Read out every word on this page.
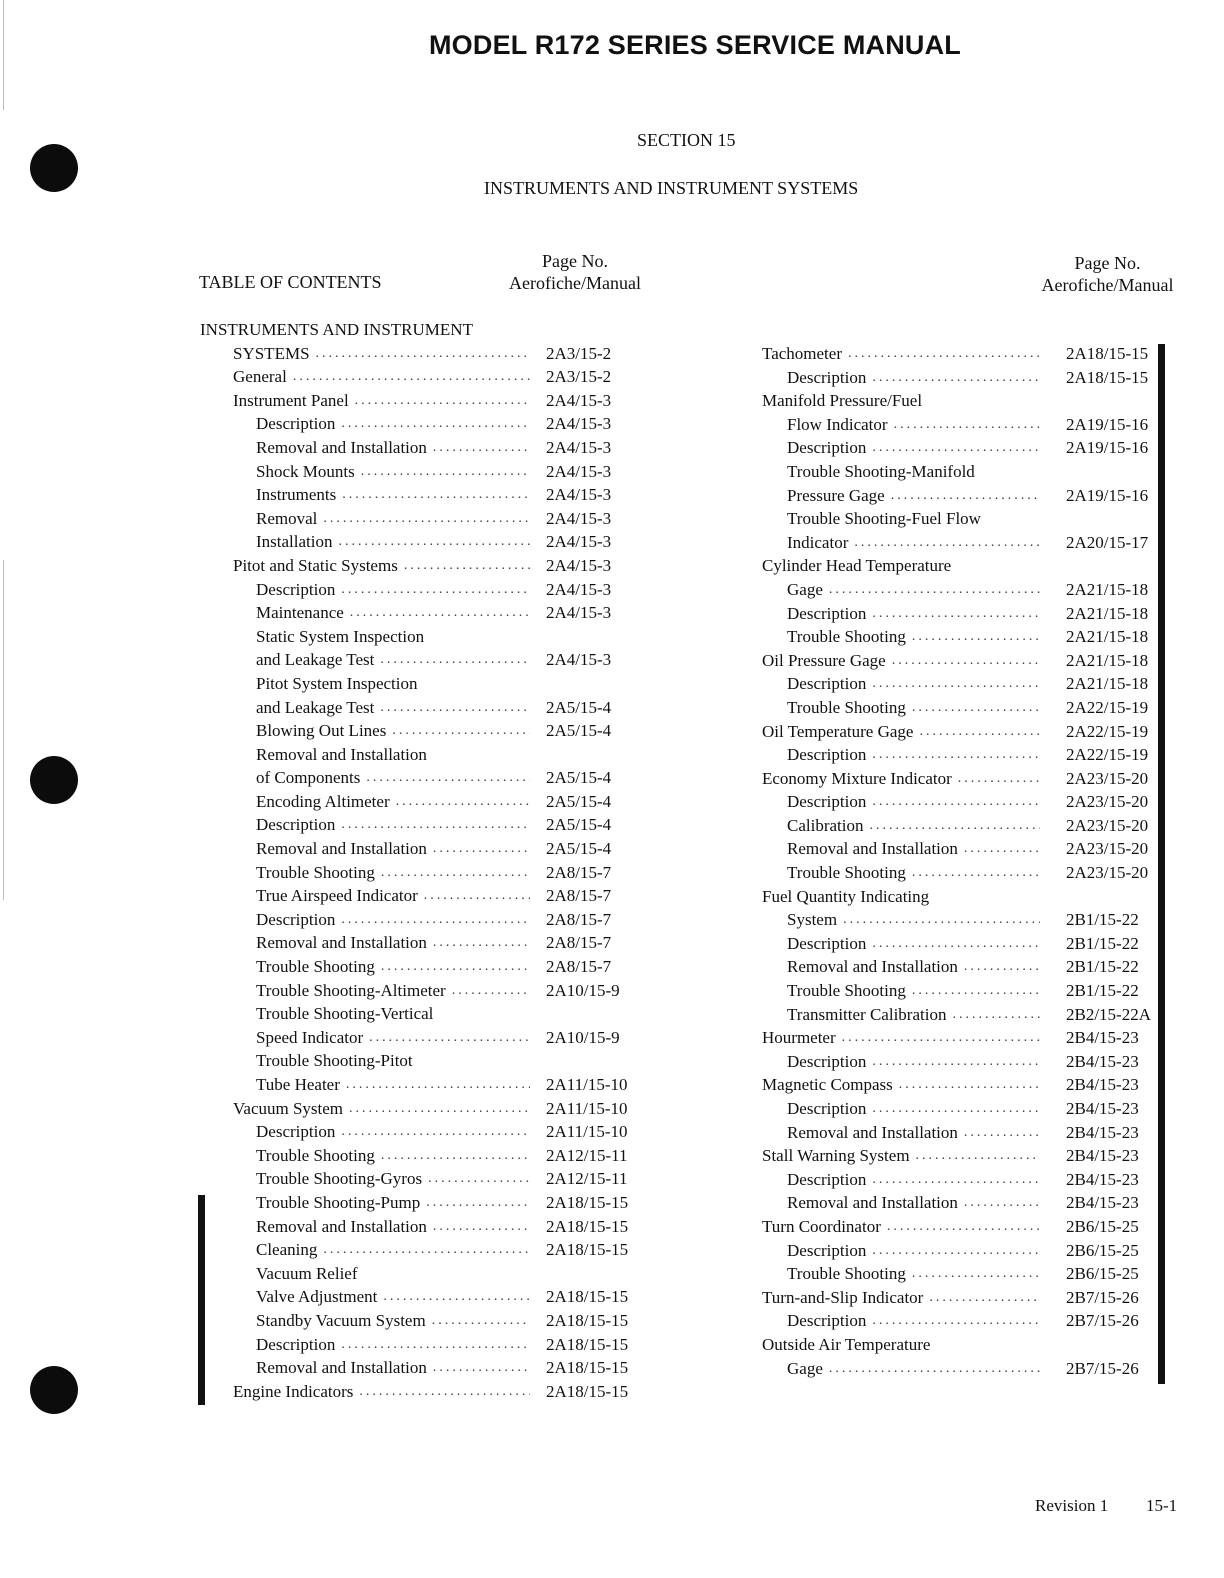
MODEL R172 SERIES SERVICE MANUAL
SECTION 15
INSTRUMENTS AND INSTRUMENT SYSTEMS
TABLE OF CONTENTS
Page No.
Aerofiche/Manual
Page No.
Aerofiche/Manual
INSTRUMENTS AND INSTRUMENT
SYSTEMS .....	2A3/15-2
General .....	2A3/15-2
Instrument Panel .....	2A4/15-3
Description .....	2A4/15-3
Removal and Installation .....	2A4/15-3
Shock Mounts .....	2A4/15-3
Instruments .....	2A4/15-3
Removal .....	2A4/15-3
Installation .....	2A4/15-3
Pitot and Static Systems .....	2A4/15-3
Description .....	2A4/15-3
Maintenance .....	2A4/15-3
Static System Inspection
and Leakage Test .....	2A4/15-3
Pitot System Inspection
and Leakage Test .....	2A5/15-4
Blowing Out Lines .....	2A5/15-4
Removal and Installation
of Components .....	2A5/15-4
Encoding Altimeter .....	2A5/15-4
Description .....	2A5/15-4
Removal and Installation .....	2A5/15-4
Trouble Shooting .....	2A8/15-7
True Airspeed Indicator .....	2A8/15-7
Description .....	2A8/15-7
Removal and Installation .....	2A8/15-7
Trouble Shooting .....	2A8/15-7
Trouble Shooting-Altimeter .....	2A10/15-9
Trouble Shooting-Vertical
Speed Indicator .....	2A10/15-9
Trouble Shooting-Pitot
Tube Heater .....	2A11/15-10
Vacuum System .....	2A11/15-10
Description .....	2A11/15-10
Trouble Shooting .....	2A12/15-11
Trouble Shooting-Gyros .....	2A12/15-11
Trouble Shooting-Pump .....	2A18/15-15
Removal and Installation .....	2A18/15-15
Cleaning .....	2A18/15-15
Vacuum Relief
Valve Adjustment .....	2A18/15-15
Standby Vacuum System .....	2A18/15-15
Description .....	2A18/15-15
Removal and Installation .....	2A18/15-15
Engine Indicators .....	2A18/15-15
Tachometer .....	2A18/15-15
Description .....	2A18/15-15
Manifold Pressure/Fuel
Flow Indicator .....	2A19/15-16
Description .....	2A19/15-16
Trouble Shooting-Manifold
Pressure Gage .....	2A19/15-16
Trouble Shooting-Fuel Flow
Indicator .....	2A20/15-17
Cylinder Head Temperature
Gage .....	2A21/15-18
Description .....	2A21/15-18
Trouble Shooting .....	2A21/15-18
Oil Pressure Gage .....	2A21/15-18
Description .....	2A21/15-18
Trouble Shooting .....	2A22/15-19
Oil Temperature Gage .....	2A22/15-19
Description .....	2A22/15-19
Economy Mixture Indicator .....	2A23/15-20
Description .....	2A23/15-20
Calibration .....	2A23/15-20
Removal and Installation .....	2A23/15-20
Trouble Shooting .....	2A23/15-20
Fuel Quantity Indicating
System .....	2B1/15-22
Description .....	2B1/15-22
Removal and Installation .....	2B1/15-22
Trouble Shooting .....	2B1/15-22
Transmitter Calibration .....	2B2/15-22A
Hourmeter .....	2B4/15-23
Description .....	2B4/15-23
Magnetic Compass .....	2B4/15-23
Description .....	2B4/15-23
Removal and Installation .....	2B4/15-23
Stall Warning System .....	2B4/15-23
Description .....	2B4/15-23
Removal and Installation .....	2B4/15-23
Turn Coordinator .....	2B6/15-25
Description .....	2B6/15-25
Trouble Shooting .....	2B6/15-25
Turn-and-Slip Indicator .....	2B7/15-26
Description .....	2B7/15-26
Outside Air Temperature
Gage .....	2B7/15-26
Revision 1 15-1
